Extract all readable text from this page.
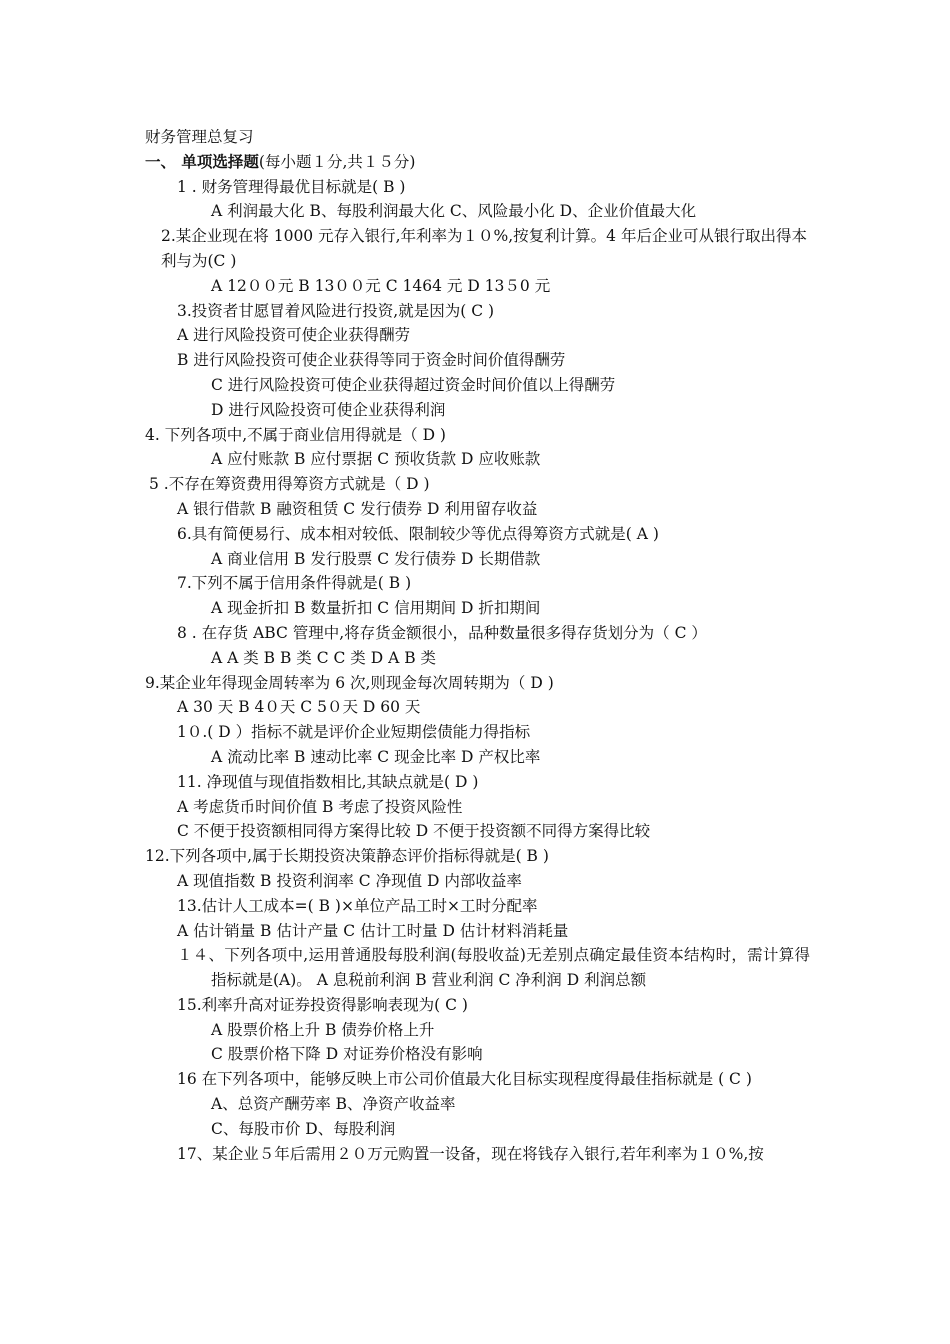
财务管理总复习
一、 单项选择题(每小题１分,共１５分)
1 . 财务管理得最优目标就是( B )
A 利润最大化 B、每股利润最大化 C、风险最小化 D、企业价值最大化
2.某企业现在将 1000 元存入银行,年利率为１０%,按复利计算。4 年后企业可从银行取出得本利与为(C )
A 12００元 B 13００元 C 1464 元 D 13５0 元
3.投资者甘愿冒着风险进行投资,就是因为( C )
A 进行风险投资可使企业获得酬劳
B 进行风险投资可使企业获得等同于资金时间价值得酬劳
C 进行风险投资可使企业获得超过资金时间价值以上得酬劳
D 进行风险投资可使企业获得利润
4. 下列各项中,不属于商业信用得就是（ D )
A 应付账款 B 应付票据 C 预收货款 D 应收账款
5 .不存在筹资费用得筹资方式就是（ D )
A 银行借款 B 融资租赁 C 发行债券 D 利用留存收益
6.具有简便易行、成本相对较低、限制较少等优点得筹资方式就是( A )
A 商业信用 B 发行股票 C 发行债券 D 长期借款
7.下列不属于信用条件得就是( B )
A 现金折扣 B 数量折扣 C 信用期间 D 折扣期间
8 . 在存货 ABC 管理中,将存货金额很小，品种数量很多得存货划分为（ C ）
A A 类 B B 类 C C 类 D A B 类
9.某企业年得现金周转率为 6 次,则现金每次周转期为（ D )
A 30 天 B 4０天 C 5０天 D 60 天
1０.( D ）指标不就是评价企业短期偿债能力得指标
A 流动比率 B 速动比率 C 现金比率 D 产权比率
11. 净现值与现值指数相比,其缺点就是( D )
A 考虑货币时间价值 B 考虑了投资风险性
C 不便于投资额相同得方案得比较 D 不便于投资额不同得方案得比较
12.下列各项中,属于长期投资决策静态评价指标得就是( B )
A 现值指数 B 投资利润率 C 净现值 D 内部收益率
13.估计人工成本=( B )×单位产品工时×工时分配率
A 估计销量 B 估计产量 C 估计工时量 D 估计材料消耗量
１４、下列各项中,运用普通股每股利润(每股收益)无差别点确定最佳资本结构时，需计算得指标就是(A)。 A 息税前利润 B 营业利润 C 净利润 D 利润总额
15.利率升高对证券投资得影响表现为( C )
A 股票价格上升 B 债券价格上升
C 股票价格下降 D 对证券价格没有影响
16 在下列各项中，能够反映上市公司价值最大化目标实现程度得最佳指标就是 ( C )
A、总资产酬劳率 B、净资产收益率
C、每股市价 D、每股利润
17、某企业５年后需用２０万元购置一设备，现在将钱存入银行,若年利率为１０%,按
